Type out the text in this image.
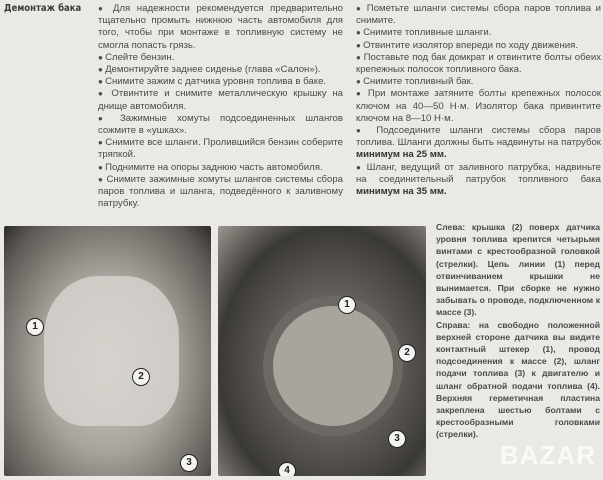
Демонтаж бака	● Для надежности рекомендуется предварительно тщательно промыть нижнюю часть автомобиля для того, чтобы при монтаже в топливную систему не смогла попасть грязь.

● Слейте бензин.

● Демонтируйте заднее сиденье (глава «Салон»).

● Снимите зажим с датчика уровня топлива в баке.

● Отвинтите и снимите металлическую крышку на днище автомобиля.

● Зажимные хомуты подсоединенных шлангов сожмите в «ушках».

● Снимите все шланги. Пролившийся бензин соберите тряпкой.

● Поднимите на опоры заднюю часть автомобиля.

● Снимите зажимные хомуты шлангов системы сбора паров топлива и шланга, подведённого к заливному патрубку.

● Пометьте шланги системы сбора паров топлива и снимите.

● Снимите топливные шланги.

● Отвинтите изолятор впереди по ходу движения.

● Поставьте под бак домкрат и отвинтите болты обеих крепежных полосок топливного бака.

● Снимите топливный бак.

● При монтаже затяните болты крепежных полосок ключом на 40—50 Н·м. Изолятор бака привинтите ключом на 8—10 Н·м.

● Подсоедините шланги системы сбора паров топлива. Шланги должны быть надвинуты на патрубок минимум на 25 мм.

● Шланг, ведущий от заливного патрубка, надвиньте на соединительный патрубок топливного бака минимум на 35 мм.

1
2
3
1
2
3
4

Слева: крышка (2) поверх датчика уровня топлива крепится четырьмя винтами с крестообразной головкой (стрелки). Цепь линии (1) перед отвинчиванием крышки не вынимается. При сборке не нужно забывать о проводе, подключенном к массе (3).

Справа: на свободно положенной верхней стороне датчика вы видите контактный штекер (1), провод подсоединения к массе (2), шланг подачи топлива (3) к двигателю и шланг обратной подачи топлива (4). Верхняя герметичная пластина закреплена шестью болтами с крестообразными головками (стрелки).

BAZAR
